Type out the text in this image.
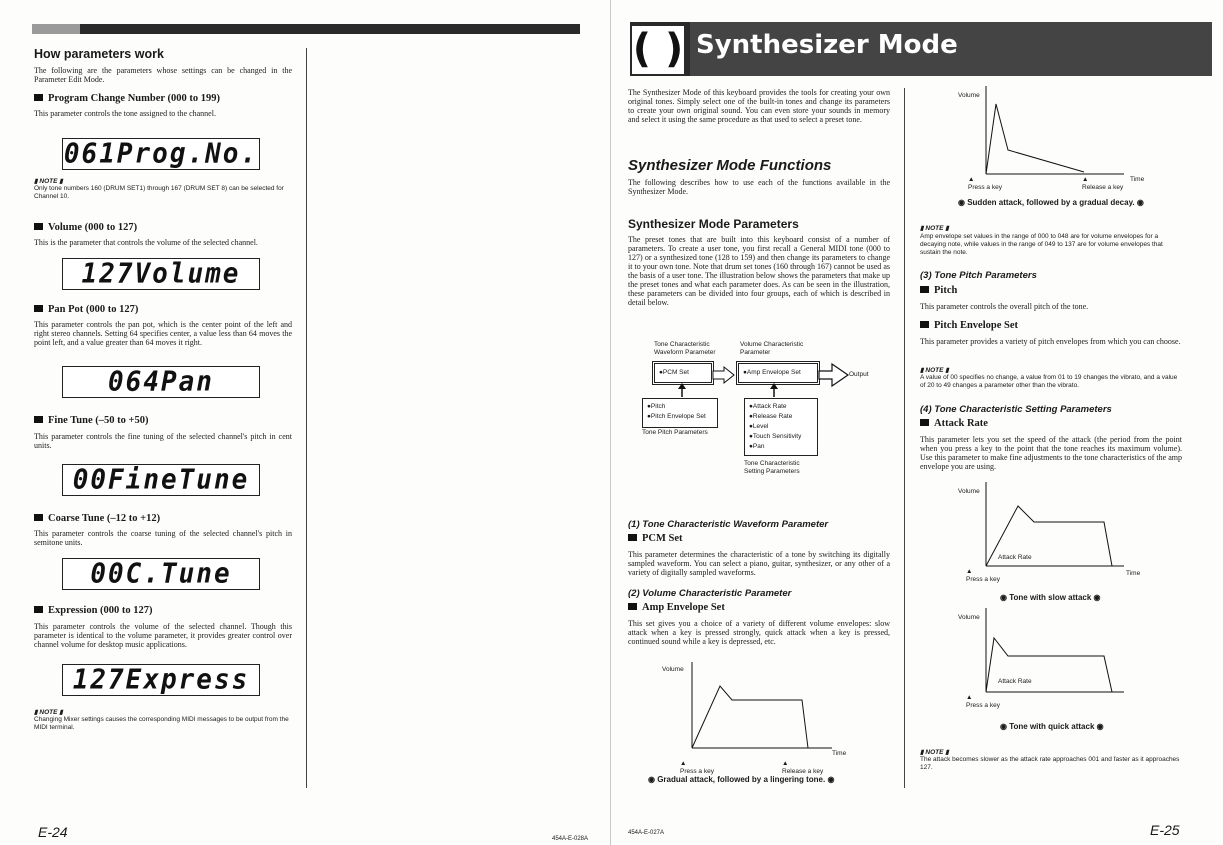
How parameters work

The following are the parameters whose settings can be changed in the Parameter Edit Mode.

Program Change Number (000 to 199)

This parameter controls the tone assigned to the channel.

061Prog.No.

▮ NOTE ▮

Only tone numbers 160 (DRUM SET1) through 167 (DRUM SET 8) can be selected for Channel 10.

Volume (000 to 127)

This is the parameter that controls the volume of the selected channel.

127Volume

Pan Pot (000 to 127)

This parameter controls the pan pot, which is the center point of the left and right stereo channels. Setting 64 specifies center, a value less than 64 moves the point left, and a value greater than 64 moves it right.

064Pan

Fine Tune (–50 to +50)

This parameter controls the fine tuning of the selected channel's pitch in cent units.

00FineTune

Coarse Tune (–12 to +12)

This parameter controls the coarse tuning of the selected channel's pitch in semitone units.

00C.Tune

Expression (000 to 127)

This parameter controls the volume of the selected channel. Though this parameter is identical to the volume parameter, it provides greater control over channel volume for desktop music applications.

127Express

▮ NOTE ▮

Changing Mixer settings causes the corresponding MIDI messages to be output from the MIDI terminal.

E-24	454A-E-028A

( ) Synthesizer Mode

The Synthesizer Mode of this keyboard provides the tools for creating your own original tones. Simply select one of the built-in tones and change its parameters to create your own original sound. You can even store your sounds in memory and select it using the same procedure as that used to select a preset tone.

Synthesizer Mode Functions

The following describes how to use each of the functions available in the Synthesizer Mode.

Synthesizer Mode Parameters

The preset tones that are built into this keyboard consist of a number of parameters. To create a user tone, you first recall a General MIDI tone (000 to 127) or a synthesized tone (128 to 159) and then change its parameters to change it to your own tone. Note that drum set tones (160 through 167) cannot be used as the basis of a user tone. The illustration below shows the parameters that make up the preset tones and what each parameter does. As can be seen in the illustration, these parameters can be divided into four groups, each of which is described in detail below.

Tone Characteristic Waveform Parameter
Volume Characteristic Parameter
●PCM Set	●Amp Envelope Set	Output
●Pitch
●Pitch Envelope Set
Tone Pitch Parameters
●Attack Rate
●Release Rate
●Level
●Touch Sensitivity
●Pan
Tone Characteristic Setting Parameters

(1) Tone Characteristic Waveform Parameter

PCM Set

This parameter determines the characteristic of a tone by switching its digitally sampled waveform. You can select a piano, guitar, synthesizer, or any other of a variety of digitally sampled waveforms.

(2) Volume Characteristic Parameter

Amp Envelope Set

This set gives you a choice of a variety of different volume envelopes: slow attack when a key is pressed strongly, quick attack when a key is pressed, continued sound while a key is depressed, etc.

Volume
Time
▲
Press a key
▲
Release a key
◉ Gradual attack, followed by a lingering tone. ◉

454A-E-027A

Volume
Time
▲
Press a key
▲
Release a key
◉ Sudden attack, followed by a gradual decay. ◉

▮ NOTE ▮

Amp envelope set values in the range of 000 to 048 are for volume envelopes for a decaying note, while values in the range of 049 to 137 are for volume envelopes that sustain the note.

(3) Tone Pitch Parameters

Pitch

This parameter controls the overall pitch of the tone.

Pitch Envelope Set

This parameter provides a variety of pitch envelopes from which you can choose.

▮ NOTE ▮

A value of 00 specifies no change, a value from 01 to 19 changes the vibrato, and a value of 20 to 49 changes a parameter other than the vibrato.

(4) Tone Characteristic Setting Parameters

Attack Rate

This parameter lets you set the speed of the attack (the period from the point when you press a key to the point that the tone reaches its maximum volume). Use this parameter to make fine adjustments to the tone characteristics of the amp envelope you are using.

Volume
Attack Rate
Time
▲
Press a key
◉ Tone with slow attack ◉
Volume
Attack Rate
▲
Press a key
◉ Tone with quick attack ◉

▮ NOTE ▮

The attack becomes slower as the attack rate approaches 001 and faster as it approaches 127.

E-25
